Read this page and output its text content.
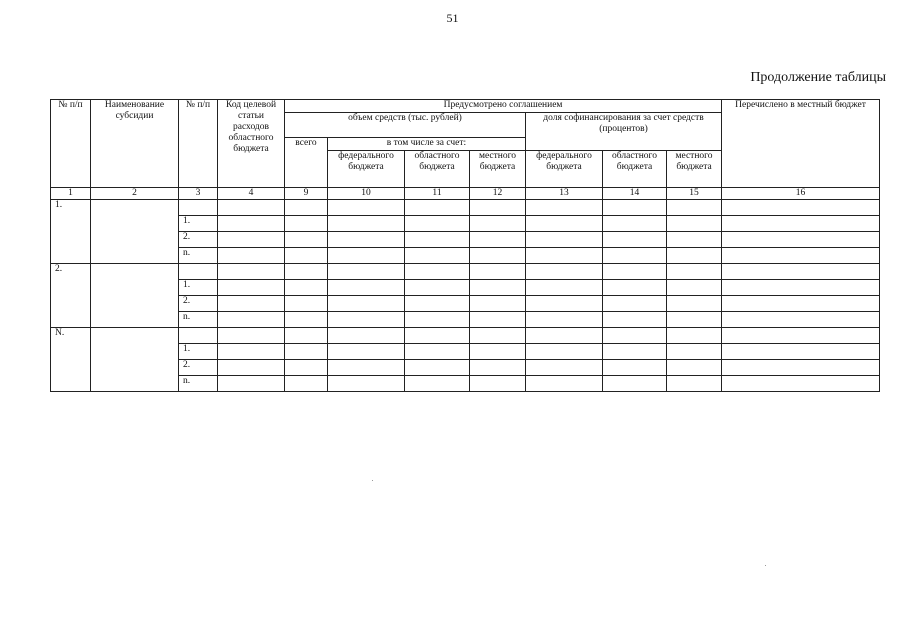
51
Продолжение таблицы
№ п/п	Наименование субсидии	№ п/п	Код целевой статьи расходов областного бюджета	Предусмотрено соглашением							Перечислено в местный бюджет
				объем средств (тыс. рублей)				доля софинансирования за счет средств (процентов)			
				всего	в том числе за счет:						
					федерального бюджета	областного бюджета	местного бюджета	федерального бюджета	областного бюджета	местного бюджета	
1	2	3	4	9	10	11	12	13	14	15	16
1.											
		1.									
		2.									
		n.									
2.											
		1.									
		2.									
		n.									
N.											
		1.									
		2.									
		n.									
